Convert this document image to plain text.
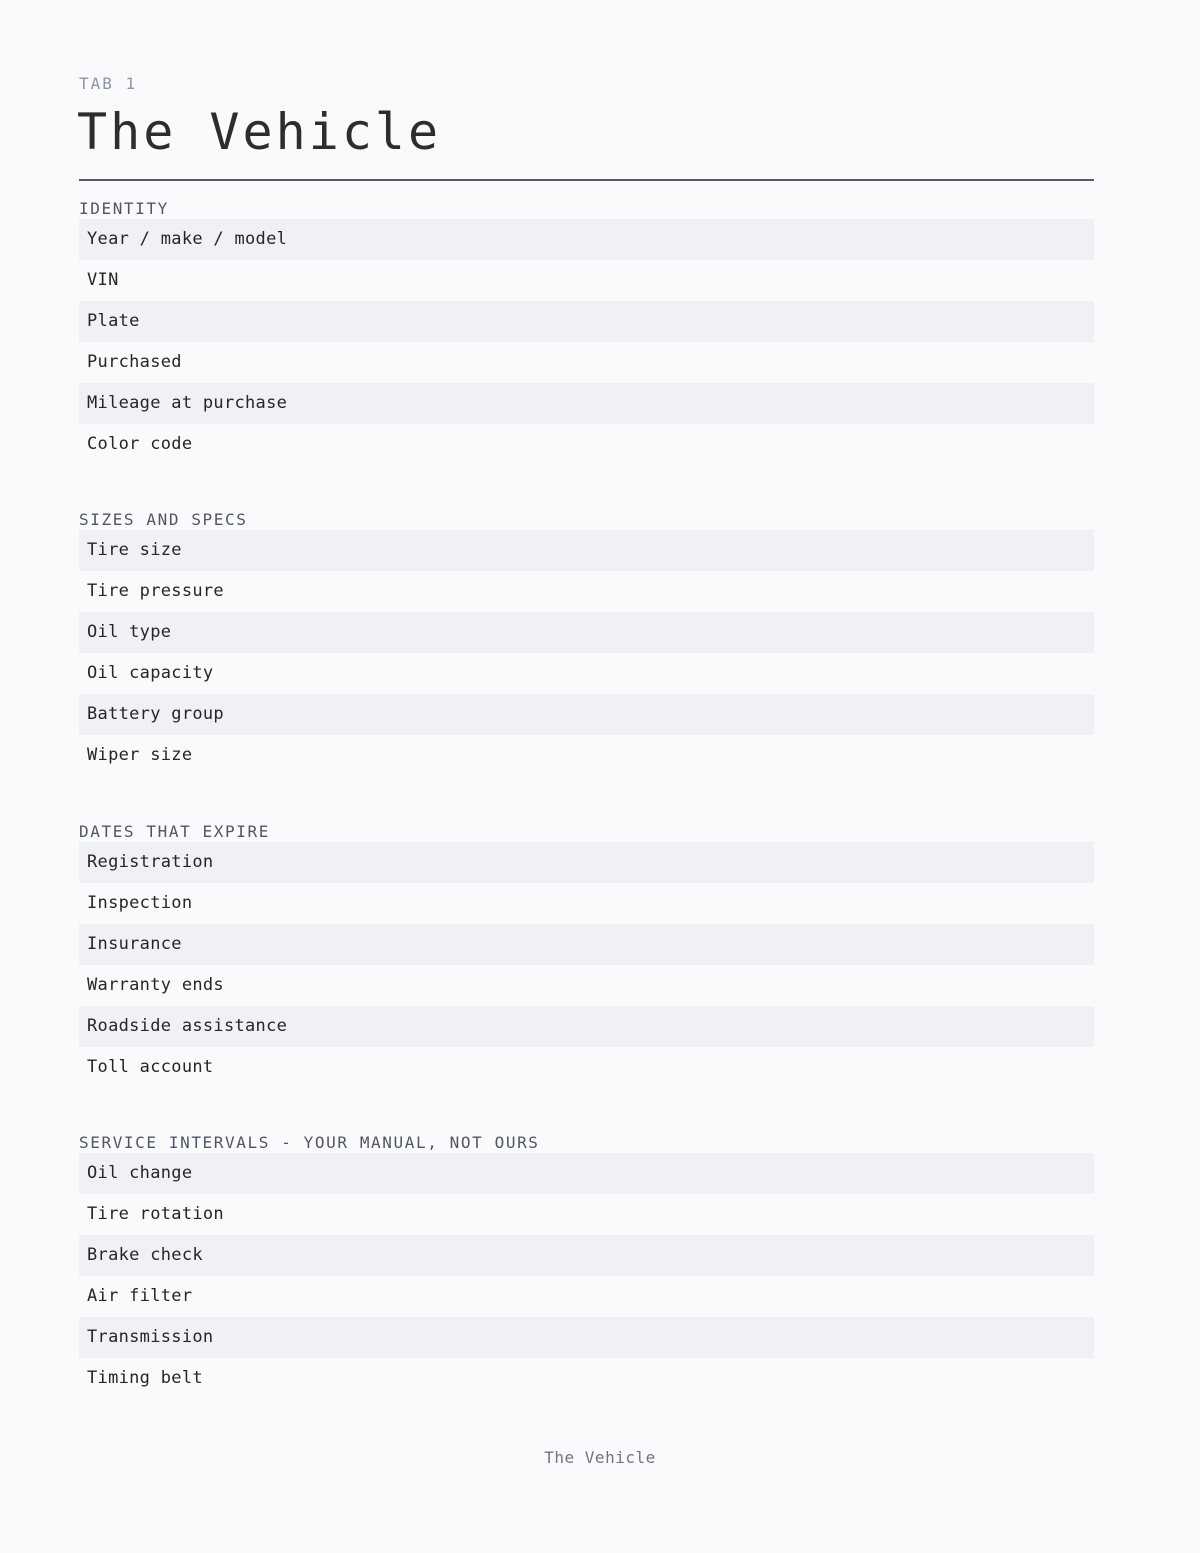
TAB 1
The Vehicle
IDENTITY
Year / make / model
VIN
Plate
Purchased
Mileage at purchase
Color code
SIZES AND SPECS
Tire size
Tire pressure
Oil type
Oil capacity
Battery group
Wiper size
DATES THAT EXPIRE
Registration
Inspection
Insurance
Warranty ends
Roadside assistance
Toll account
SERVICE INTERVALS - YOUR MANUAL, NOT OURS
Oil change
Tire rotation
Brake check
Air filter
Transmission
Timing belt
The Vehicle
